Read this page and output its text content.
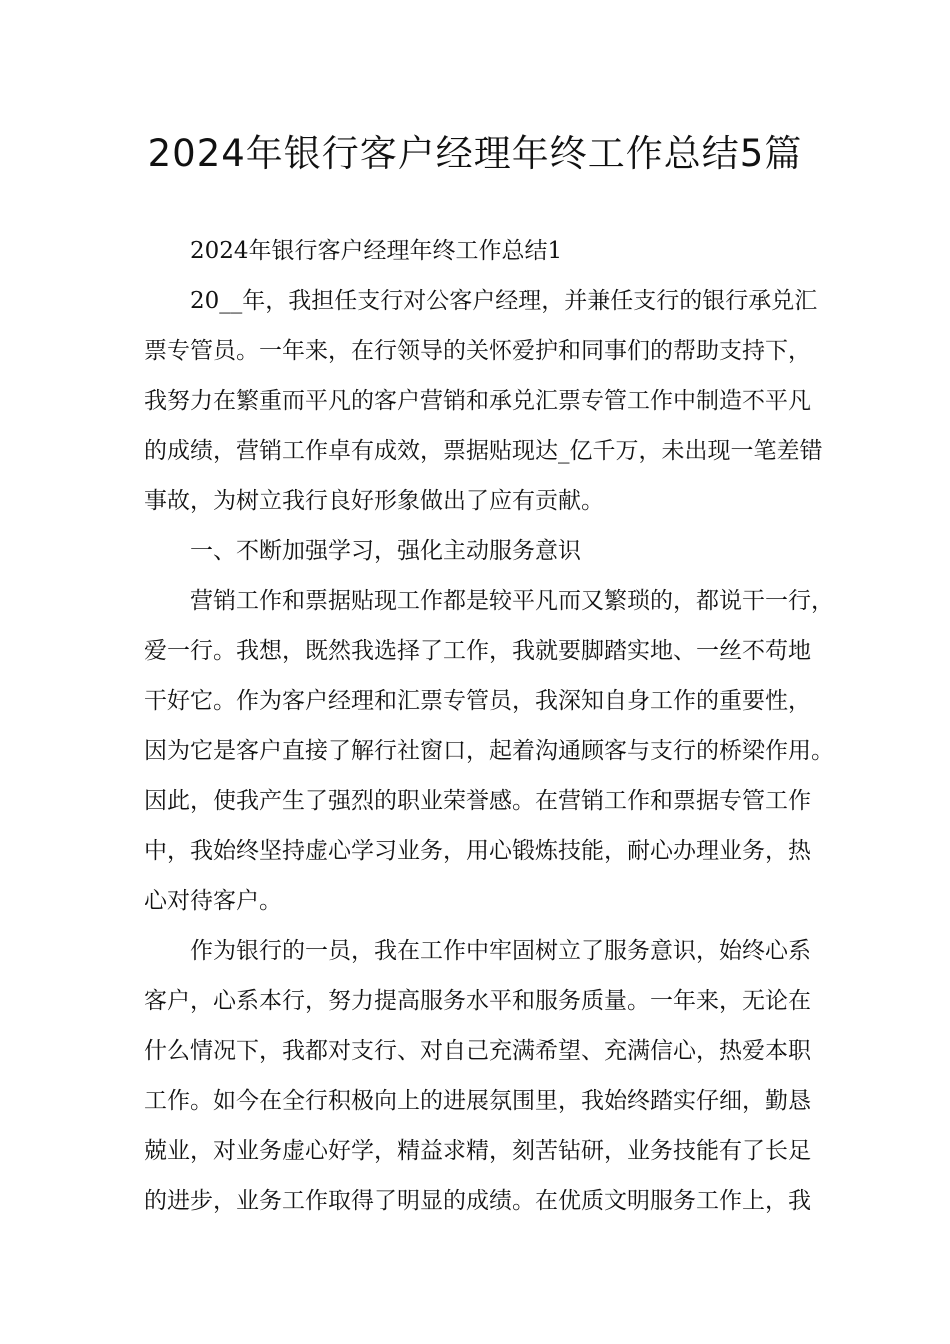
2024年银行客户经理年终工作总结5篇
2024年银行客户经理年终工作总结1
20__年，我担任支行对公客户经理，并兼任支行的银行承兑汇
票专管员。一年来，在行领导的关怀爱护和同事们的帮助支持下，
我努力在繁重而平凡的客户营销和承兑汇票专管工作中制造不平凡
的成绩，营销工作卓有成效，票据贴现达_亿千万，未出现一笔差错
事故，为树立我行良好形象做出了应有贡献。
一、不断加强学习，强化主动服务意识
营销工作和票据贴现工作都是较平凡而又繁琐的，都说干一行，
爱一行。我想，既然我选择了工作，我就要脚踏实地、一丝不苟地
干好它。作为客户经理和汇票专管员，我深知自身工作的重要性，
因为它是客户直接了解行社窗口，起着沟通顾客与支行的桥梁作用。
因此，使我产生了强烈的职业荣誉感。在营销工作和票据专管工作
中，我始终坚持虚心学习业务，用心锻炼技能，耐心办理业务，热
心对待客户。
作为银行的一员，我在工作中牢固树立了服务意识，始终心系
客户，心系本行，努力提高服务水平和服务质量。一年来，无论在
什么情况下，我都对支行、对自己充满希望、充满信心，热爱本职
工作。如今在全行积极向上的进展氛围里，我始终踏实仔细，勤恳
兢业，对业务虚心好学，精益求精，刻苦钻研，业务技能有了长足
的进步，业务工作取得了明显的成绩。在优质文明服务工作上，我
